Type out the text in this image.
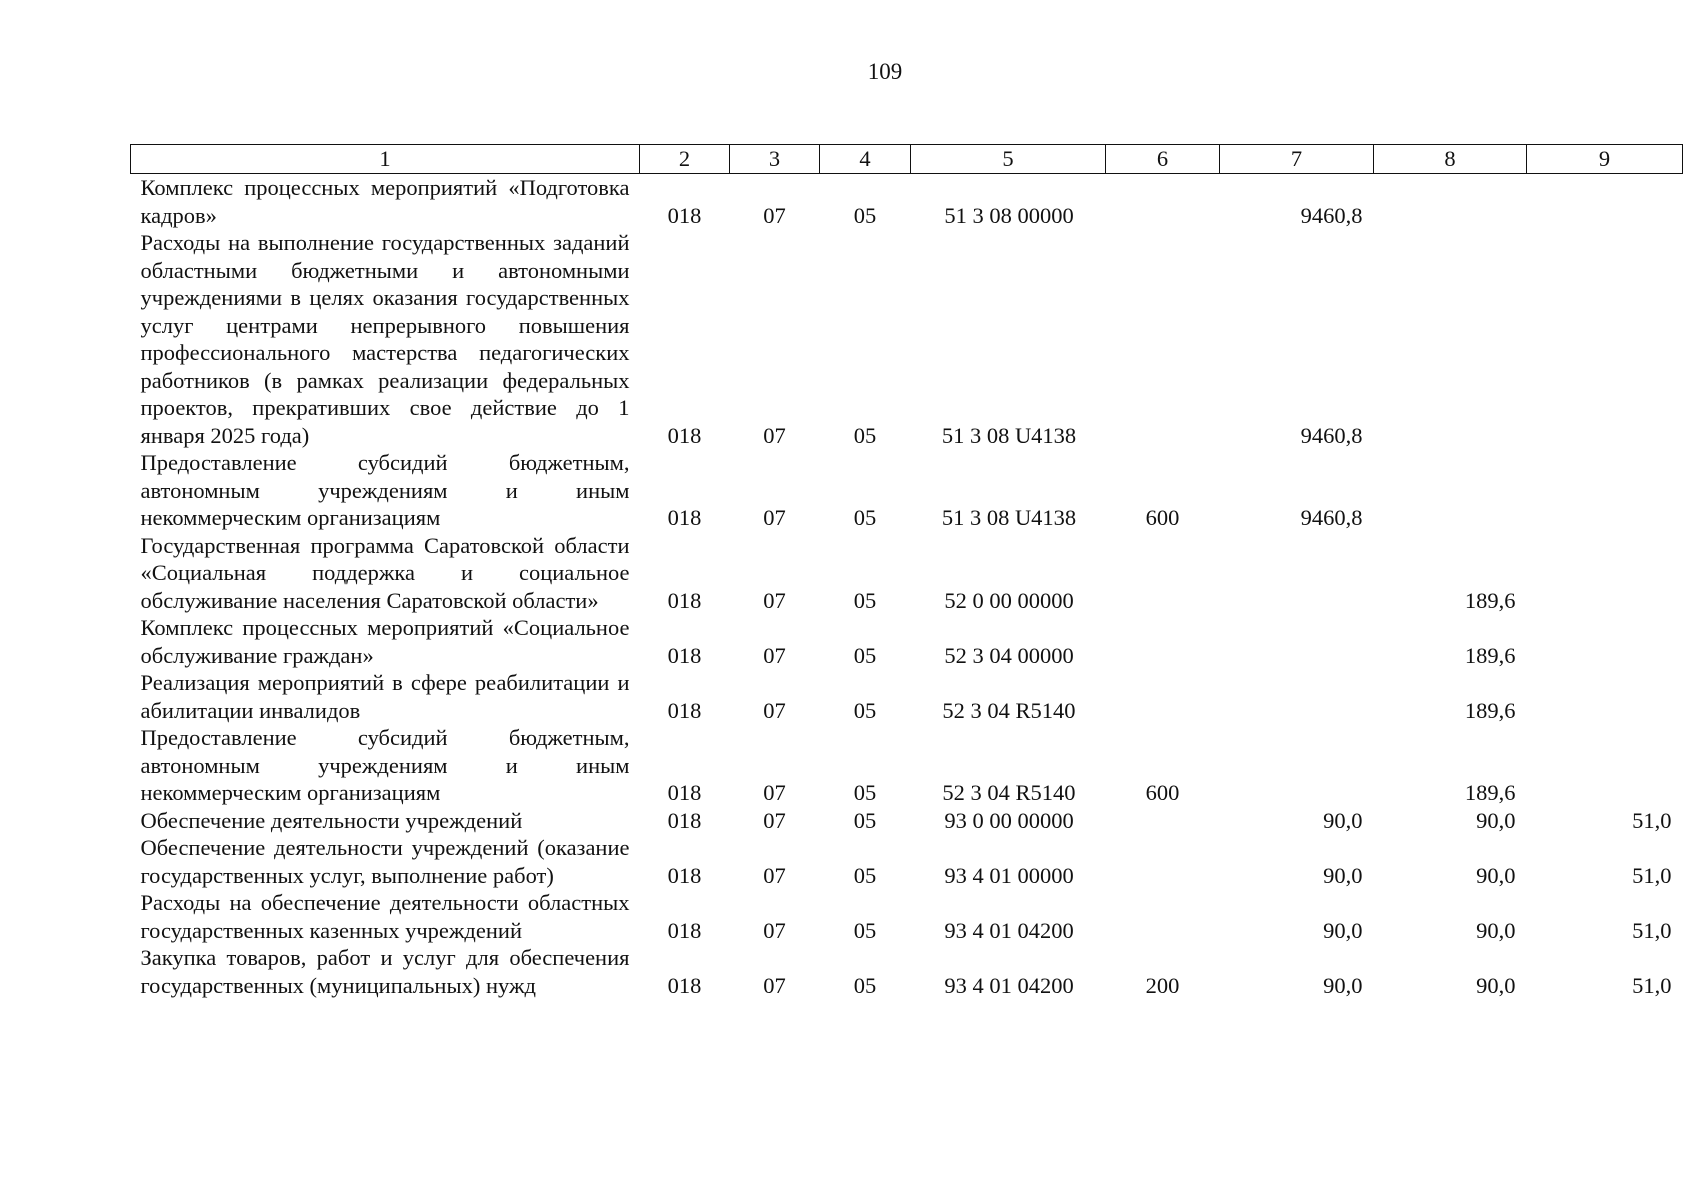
109
1	2	3	4	5	6	7	8	9
Комплекс процессных мероприятий «Подготовка кадров»	018	07	05	51 3 08 00000		9460,8		
Расходы на выполнение государственных заданий областными бюджетными и автономными учреждениями в целях оказания государственных услуг центрами непрерывного повышения профессионального мастерства педагогических работников (в рамках реализации федеральных проектов, прекративших свое действие до 1 января 2025 года)	018	07	05	51 3 08 U4138		9460,8		
Предоставление субсидий бюджетным, автономным учреждениям и иным некоммерческим организациям	018	07	05	51 3 08 U4138	600	9460,8		
Государственная программа Саратовской области «Социальная поддержка и социальное обслуживание населения Саратовской области»	018	07	05	52 0 00 00000			189,6	
Комплекс процессных мероприятий «Социальное обслуживание граждан»	018	07	05	52 3 04 00000			189,6	
Реализация мероприятий в сфере реабилитации и абилитации инвалидов	018	07	05	52 3 04 R5140			189,6	
Предоставление субсидий бюджетным, автономным учреждениям и иным некоммерческим организациям	018	07	05	52 3 04 R5140	600		189,6	
Обеспечение деятельности учреждений	018	07	05	93 0 00 00000		90,0	90,0	51,0
Обеспечение деятельности учреждений (оказание государственных услуг, выполнение работ)	018	07	05	93 4 01 00000		90,0	90,0	51,0
Расходы на обеспечение деятельности областных государственных казенных учреждений	018	07	05	93 4 01 04200		90,0	90,0	51,0
Закупка товаров, работ и услуг для обеспечения государственных (муниципальных) нужд	018	07	05	93 4 01 04200	200	90,0	90,0	51,0
